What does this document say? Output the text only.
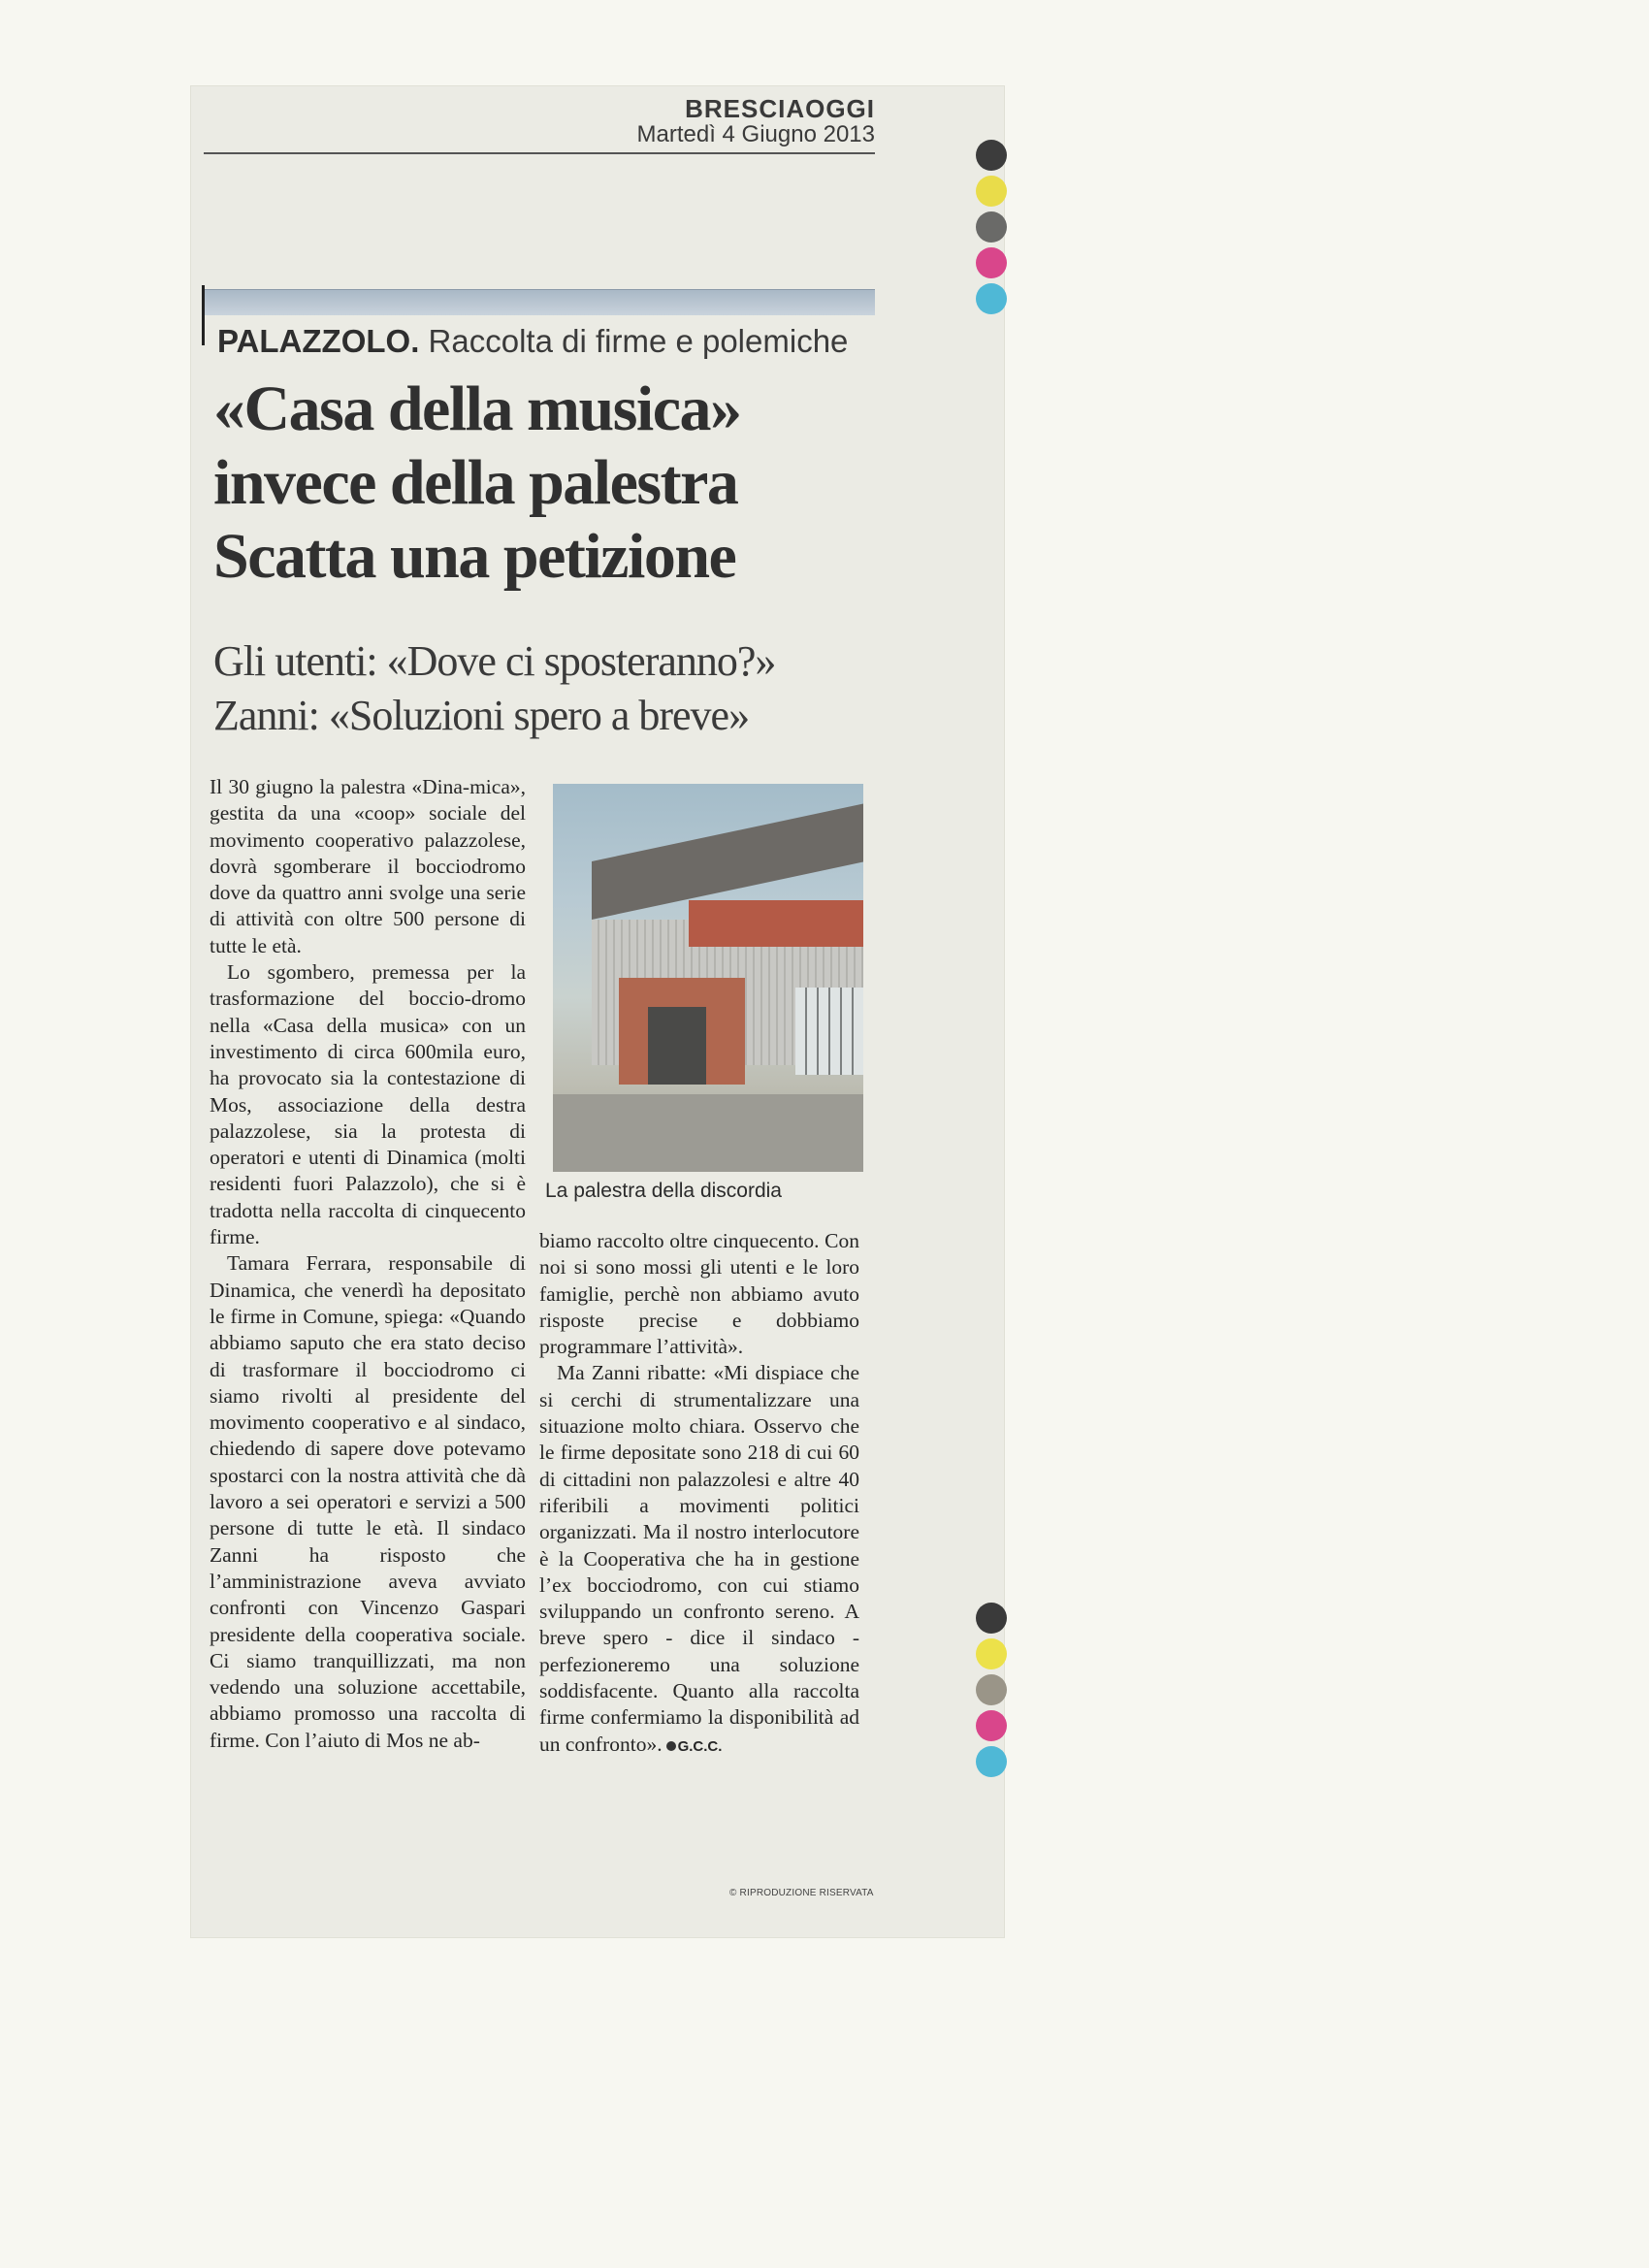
BRESCIAOGGI
Martedì 4 Giugno 2013
PALAZZOLO. Raccolta di firme e polemiche
«Casa della musica»
invece della palestra
Scatta una petizione
Gli utenti: «Dove ci sposteranno?»
Zanni: «Soluzioni spero a breve»

Il 30 giugno la palestra «Dina-mica», gestita da una «coop» sociale del movimento cooperativo palazzolese, dovrà sgomberare il bocciodromo dove da quattro anni svolge una serie di attività con oltre 500 persone di tutte le età.

Lo sgombero, premessa per la trasformazione del boccio-dromo nella «Casa della musica» con un investimento di circa 600mila euro, ha provocato sia la contestazione di Mos, associazione della destra palazzolese, sia la protesta di operatori e utenti di Dinamica (molti residenti fuori Palazzolo), che si è tradotta nella raccolta di cinquecento firme.

Tamara Ferrara, responsabile di Dinamica, che venerdì ha depositato le firme in Comune, spiega: «Quando abbiamo saputo che era stato deciso di trasformare il bocciodromo ci siamo rivolti al presidente del movimento cooperativo e al sindaco, chiedendo di sapere dove potevamo spostarci con la nostra attività che dà lavoro a sei operatori e servizi a 500 persone di tutte le età. Il sindaco Zanni ha risposto che l’amministrazione aveva avviato confronti con Vincenzo Gaspari presidente della cooperativa sociale. Ci siamo tranquillizzati, ma non vedendo una soluzione accettabile, abbiamo promosso una raccolta di firme. Con l’aiuto di Mos ne ab-

La palestra della discordia

biamo raccolto oltre cinquecento. Con noi si sono mossi gli utenti e le loro famiglie, perchè non abbiamo avuto risposte precise e dobbiamo programmare l’attività».

Ma Zanni ribatte: «Mi dispiace che si cerchi di strumentalizzare una situazione molto chiara. Osservo che le firme depositate sono 218 di cui 60 di cittadini non palazzolesi e altre 40 riferibili a movimenti politici organizzati. Ma il nostro interlocutore è la Cooperativa che ha in gestione l’ex bocciodromo, con cui stiamo sviluppando un confronto sereno. A breve spero - dice il sindaco - perfezioneremo una soluzione soddisfacente. Quanto alla raccolta firme confermiamo la disponibilità ad un confronto». G.C.C.

© RIPRODUZIONE RISERVATA
